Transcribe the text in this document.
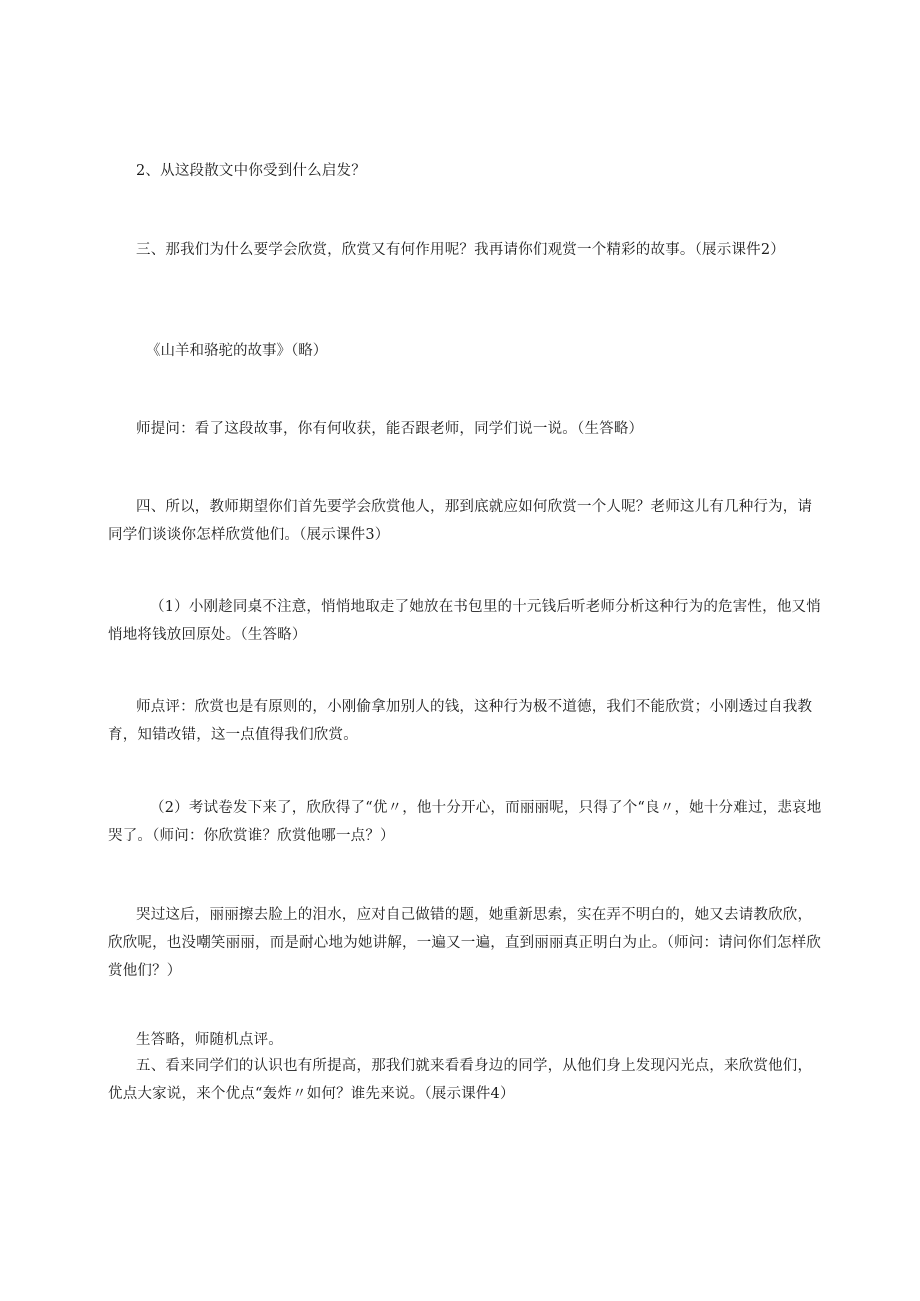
2、从这段散文中你受到什么启发？

三、那我们为什么要学会欣赏，欣赏又有何作用呢？我再请你们观赏一个精彩的故事。（展示课件2）

《山羊和骆驼的故事》（略）

师提问：看了这段故事，你有何收获，能否跟老师，同学们说一说。（生答略）

四、所以，教师期望你们首先要学会欣赏他人，那到底就应如何欣赏一个人呢？老师这儿有几种行为，请同学们谈谈你怎样欣赏他们。（展示课件3）

（1）小刚趁同桌不注意，悄悄地取走了她放在书包里的十元钱后听老师分析这种行为的危害性，他又悄悄地将钱放回原处。（生答略）

师点评：欣赏也是有原则的，小刚偷拿加别人的钱，这种行为极不道德，我们不能欣赏；小刚透过自我教育，知错改错，这一点值得我们欣赏。

（2）考试卷发下来了，欣欣得了“优〃，他十分开心，而丽丽呢，只得了个“良〃，她十分难过，悲哀地哭了。（师问：你欣赏谁？欣赏他哪一点？）

哭过这后，丽丽擦去脸上的泪水，应对自己做错的题，她重新思索，实在弄不明白的，她又去请教欣欣，欣欣呢，也没嘲笑丽丽，而是耐心地为她讲解，一遍又一遍，直到丽丽真正明白为止。（师问：请问你们怎样欣赏他们？）

生答略，师随机点评。

五、看来同学们的认识也有所提高，那我们就来看看身边的同学，从他们身上发现闪光点，来欣赏他们，优点大家说，来个优点“轰炸〃如何？谁先来说。（展示课件4）
